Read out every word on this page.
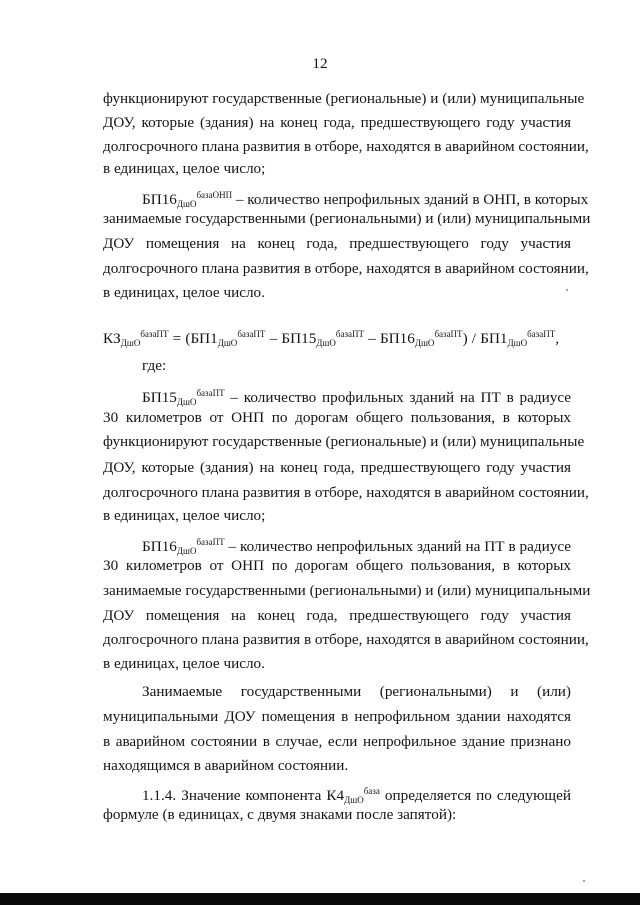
12
функционируют государственные (региональные) и (или) муниципальные
ДОУ, которые (здания) на конец года, предшествующего году участия
долгосрочного плана развития в отборе, находятся в аварийном состоянии,
в единицах, целое число;
$БП16_{ДшО}^{базаОНП}$ – количество непрофильных зданий в ОНП, в которых
занимаемые государственными (региональными) и (или) муниципальными
ДОУ помещения на конец года, предшествующего году участия
долгосрочного плана развития в отборе, находятся в аварийном состоянии,
в единицах, целое число.
$КЗ_{ДшО}^{базаПТ} = (БП1_{ДшО}^{базаПТ} - БП15_{ДшО}^{базаПТ} - БП16_{ДшО}^{базаПТ}) / БП1_{ДшО}^{базаПТ}$,
где:
$БП15_{ДшО}^{базаПТ}$ – количество профильных зданий на ПТ в радиусе
30 километров от ОНП по дорогам общего пользования, в которых
функционируют государственные (региональные) и (или) муниципальные
ДОУ, которые (здания) на конец года, предшествующего году участия
долгосрочного плана развития в отборе, находятся в аварийном состоянии,
в единицах, целое число;
$БП16_{ДшО}^{базаПТ}$ – количество непрофильных зданий на ПТ в радиусе
30 километров от ОНП по дорогам общего пользования, в которых
занимаемые государственными (региональными) и (или) муниципальными
ДОУ помещения на конец года, предшествующего году участия
долгосрочного плана развития в отборе, находятся в аварийном состоянии,
в единицах, целое число.
Занимаемые государственными (региональными) и (или)
муниципальными ДОУ помещения в непрофильном здании находятся
в аварийном состоянии в случае, если непрофильное здание признано
находящимся в аварийном состоянии.
1.1.4. Значение компонента $К4_{ДшО}^{база}$ определяется по следующей
формуле (в единицах, с двумя знаками после запятой):
